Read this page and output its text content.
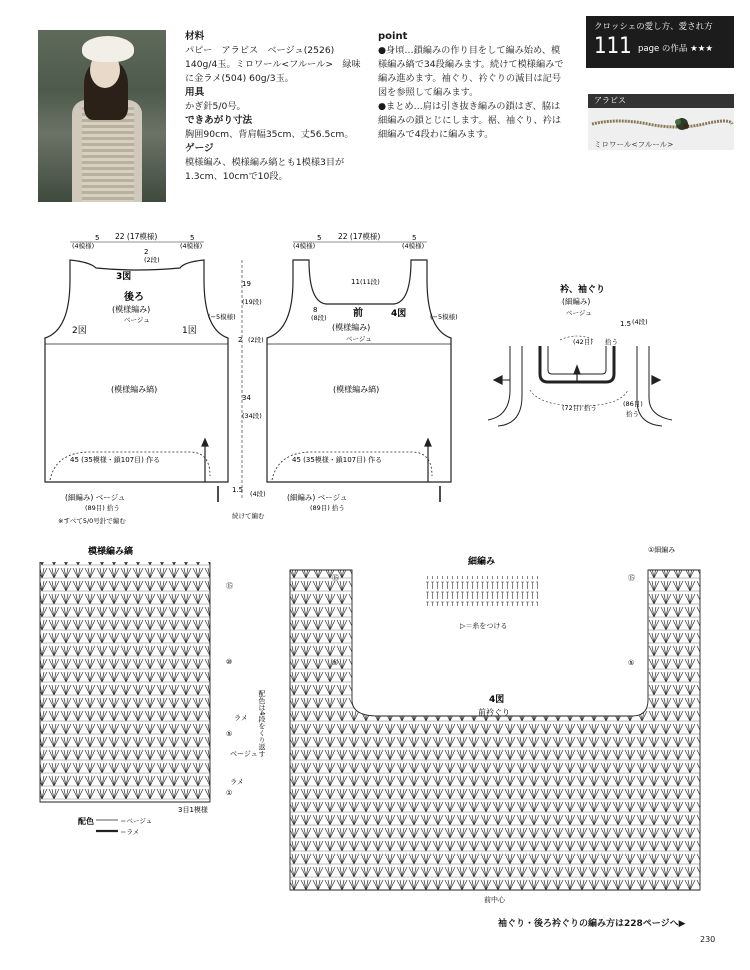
材料
パピー　アラビス　ベージュ(2526) 140g/4玉。ミロワール<フルール>　緑味に金ラメ(504) 60g/3玉。
用具
かぎ針5/0号。
できあがり寸法
胸囲90cm、背肩幅35cm、丈56.5cm。
ゲージ
模様編み、模様編み縞とも1模様3目が1.3cm、10cmで10段。
point
●身頃…鎖編みの作り目をして編み始め、模様編み縞で34段編みます。続けて模様編みで編み進めます。袖ぐり、衿ぐりの減目は記号図を参照して編みます。
●まとめ…肩は引き抜き編みの鎖はぎ、脇は細編みの鎖とじにします。裾、袖ぐり、衿は細編みで4段わに編みます。
クロッシェの愛し方、愛され方
111 page の作品 ★★★
アラビス
ミロワール<フルール>
5
(4模様)
22 (17模様)	5
(4模様)
2
(2段)
3図
後ろ
(模様編み)
ベージュ
2図	1図
(−5模様)
(模様編み縞)
45 (35模様・鎖107目) 作る
(細編み) ベージュ
(89目) 拾う
5
(4模様)
22 (17模様)	5
(4模様)
11 (11段)
8
(8段)	前	4図
(模様編み)
ベージュ
(−5模様)
(模様編み縞)
45 (35模様・鎖107目) 作る
(細編み) ベージュ
(89目) 拾う
19
(19段)
2 (2段)
34
(34段)
1.5 (4段)
続けて編む
衿、袖ぐり
(細編み)
ベージュ
1.5 (4段)
(42目) 拾う
(72目) 拾う	(86目)
拾う
※すべて5/0号針で編む
模様編み縞
⑮
⑩
⑤
①
ラメ
ベージュ
ラメ
配色は4段をくり返す
3目1模様
配色	＝ベージュ
＝ラメ
細編み
▷＝糸をつける
⑮
⑤
⑮
⑤
①細編み
4図
前衿ぐり
前中心
袖ぐり・後ろ衿ぐりの編み方は228ページへ▶
230
